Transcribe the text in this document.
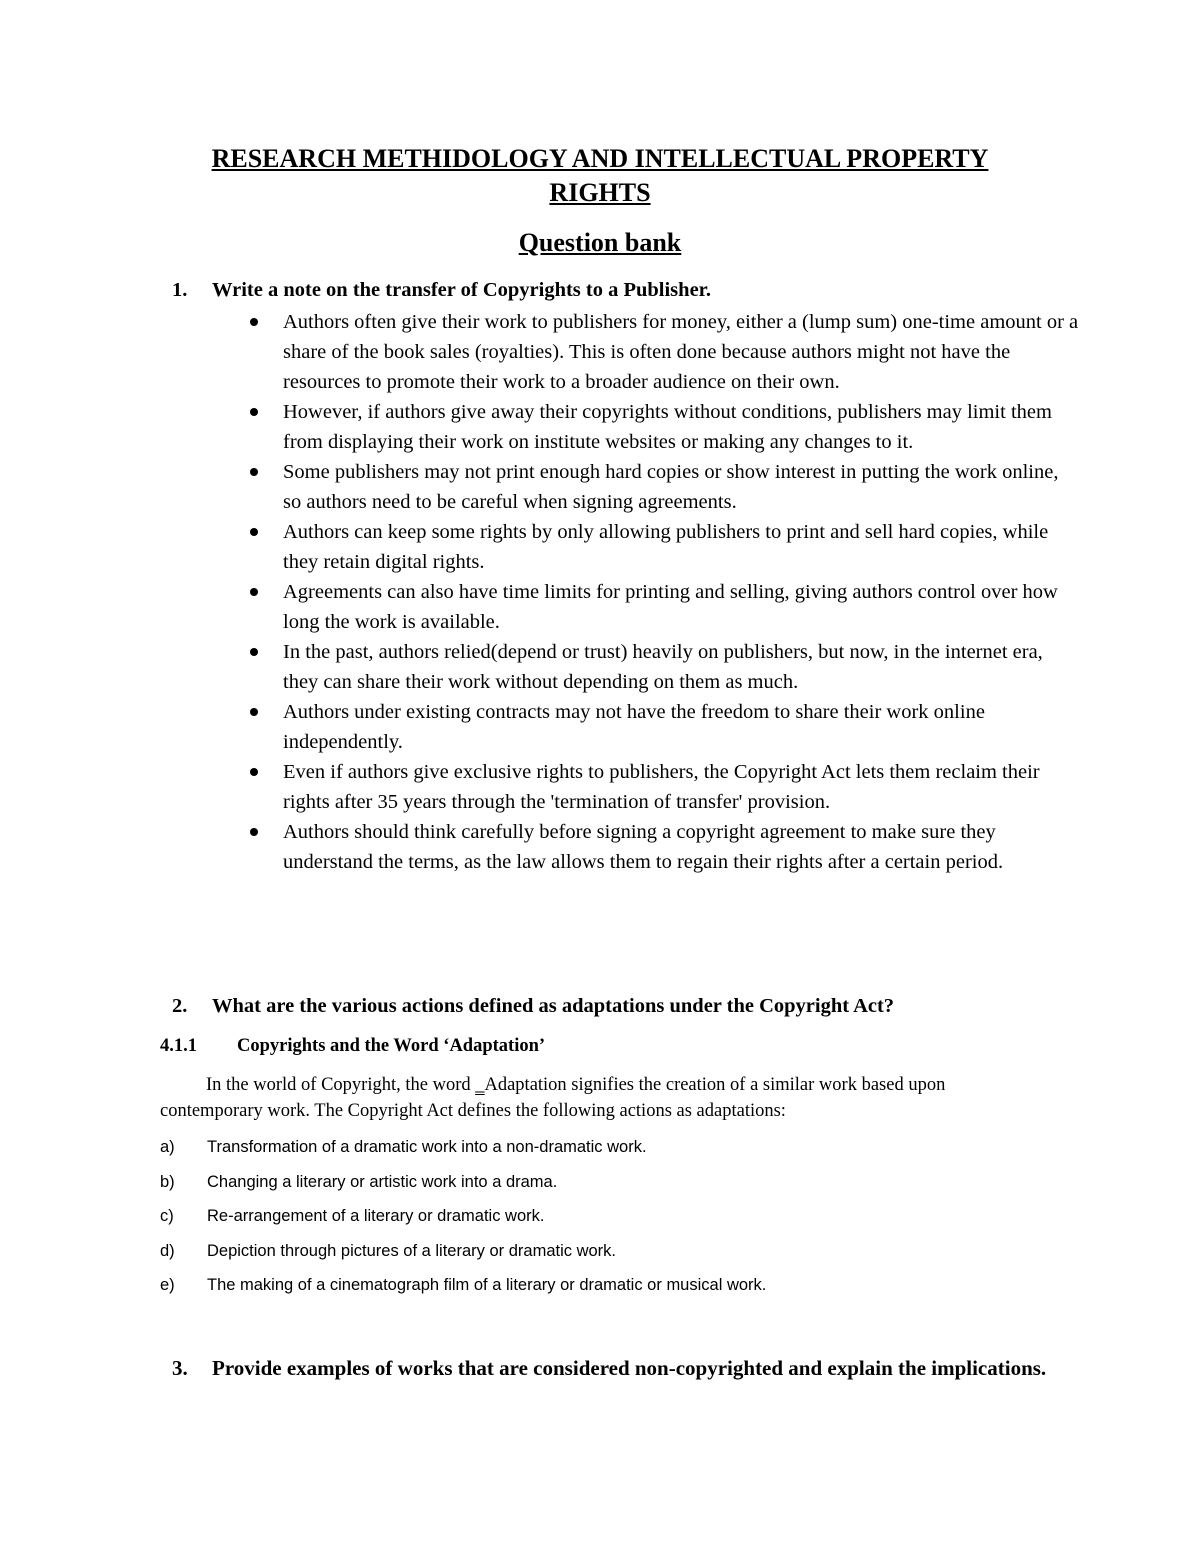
RESEARCH METHIDOLOGY AND INTELLECTUAL PROPERTY
RIGHTS
Question bank
1. Write a note on the transfer of Copyrights to a Publisher.
Authors often give their work to publishers for money, either a (lump sum) one-time amount or a share of the book sales (royalties). This is often done because authors might not have the resources to promote their work to a broader audience on their own.
However, if authors give away their copyrights without conditions, publishers may limit them from displaying their work on institute websites or making any changes to it.
Some publishers may not print enough hard copies or show interest in putting the work online, so authors need to be careful when signing agreements.
Authors can keep some rights by only allowing publishers to print and sell hard copies, while they retain digital rights.
Agreements can also have time limits for printing and selling, giving authors control over how long the work is available.
In the past, authors relied(depend or trust) heavily on publishers, but now, in the internet era, they can share their work without depending on them as much.
Authors under existing contracts may not have the freedom to share their work online independently.
Even if authors give exclusive rights to publishers, the Copyright Act lets them reclaim their rights after 35 years through the 'termination of transfer' provision.
Authors should think carefully before signing a copyright agreement to make sure they understand the terms, as the law allows them to regain their rights after a certain period.
2. What are the various actions defined as adaptations under the Copyright Act?
4.1.1 Copyrights and the Word ‘Adaptation’
In the world of Copyright, the word ‗Adaptation signifies the creation of a similar work based upon contemporary work. The Copyright Act defines the following actions as adaptations:
a) Transformation of a dramatic work into a non-dramatic work.
b) Changing a literary or artistic work into a drama.
c) Re-arrangement of a literary or dramatic work.
d) Depiction through pictures of a literary or dramatic work.
e) The making of a cinematograph film of a literary or dramatic or musical work.
3. Provide examples of works that are considered non-copyrighted and explain the implications.
